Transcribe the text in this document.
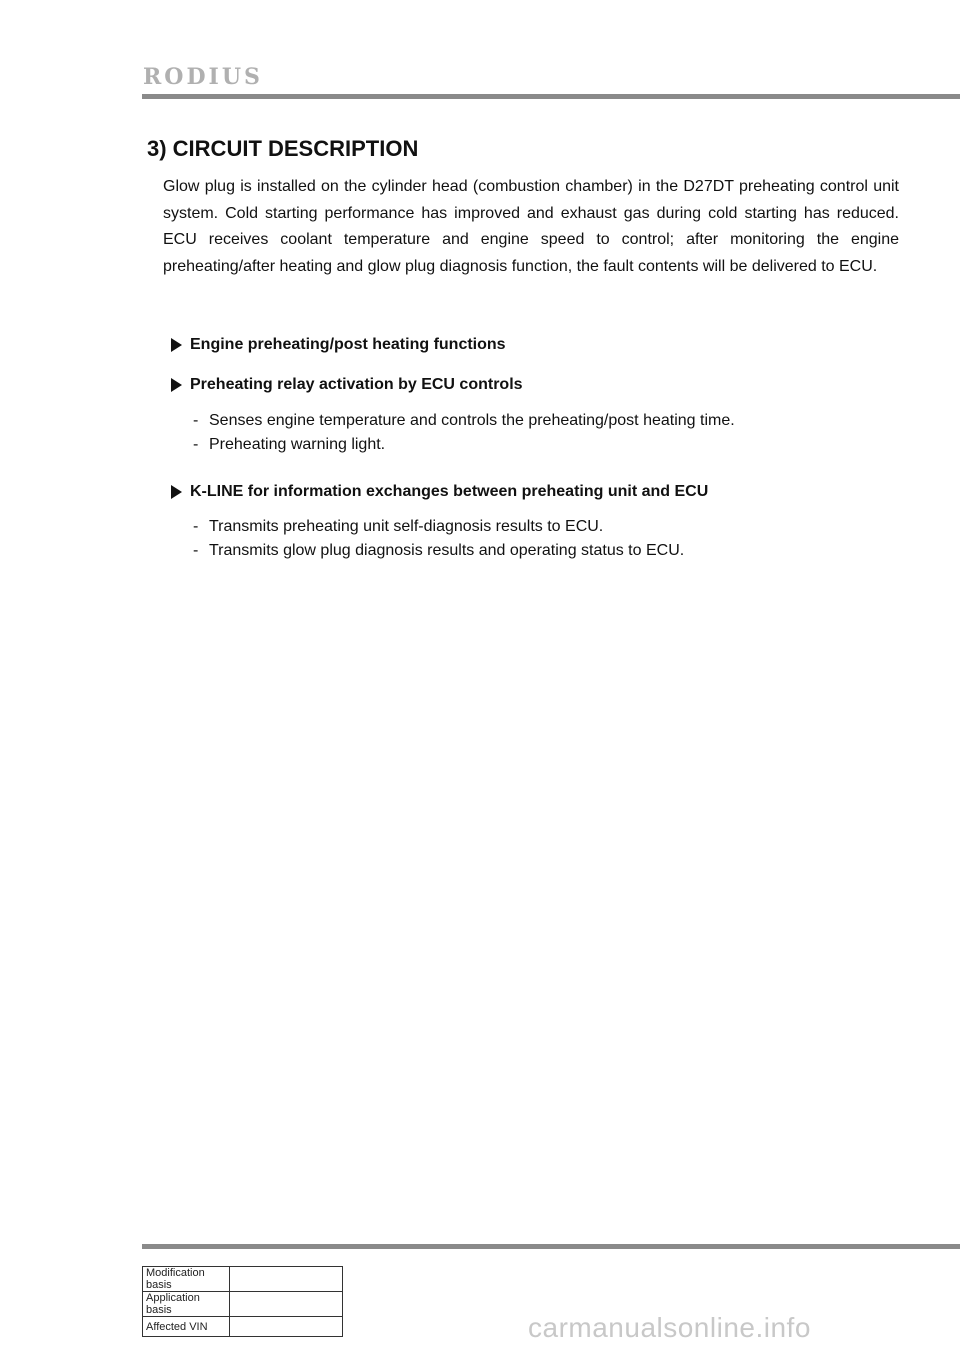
RODIUS
3) CIRCUIT DESCRIPTION
Glow plug is installed on the cylinder head (combustion chamber) in the D27DT preheating control unit system. Cold starting performance has improved and exhaust gas during cold starting has reduced. ECU receives coolant temperature and engine speed to control; after monitoring the engine preheating/after heating and glow plug diagnosis function, the fault contents will be delivered to ECU.
Engine preheating/post heating functions
Preheating relay activation by ECU controls
- Senses engine temperature and controls the preheating/post heating time.
- Preheating warning light.
K-LINE for information exchanges between preheating unit and ECU
- Transmits preheating unit self-diagnosis results to ECU.
- Transmits glow plug diagnosis results and operating status to ECU.
Modification basis	
Application basis	
Affected VIN		carmanualsonline.info
